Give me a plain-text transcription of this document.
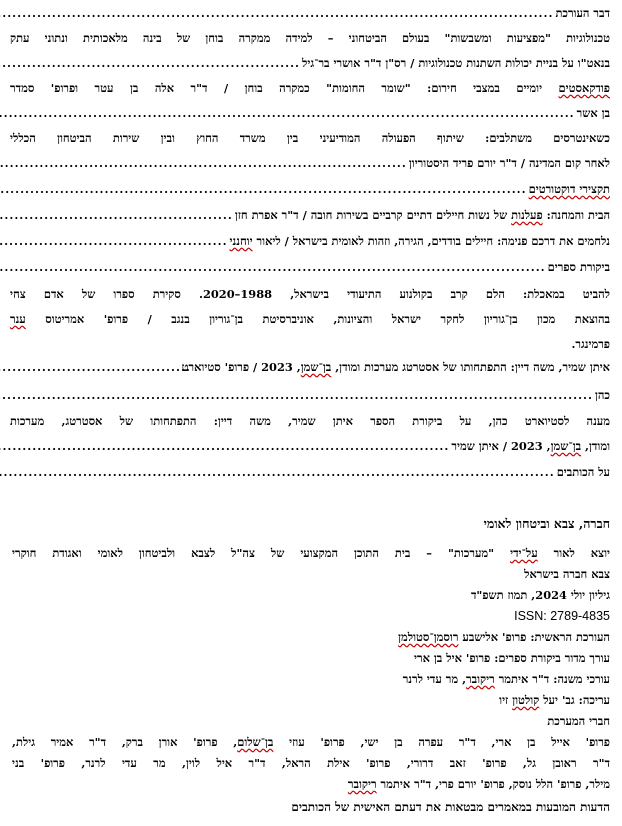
דבר העורכת
.....
טכנולוגיות "מפציעות ומשבשות" בעולם הביטחוני – למידה ממקרה בוחן של בינה מלאכותית ונתוני עתק
בנאט"ו על בניית יכולות השתנות טכנולוגיות / רס"ן ד"ר אושרי בר־גיל
.....
פודקאסטים יומיים במצבי חירום: "שומר החומות" כמקרה בוחן / ד"ר אלה בן עטר ופרופ' סמדר
בן אשר
.....
כשאינטרסים משתלבים: שיתוף הפעולה המודיעיני בין משרד החוץ ובין שירות הביטחון הכללי
לאחר קום המדינה / ד"ר יורם פריד היסטוריון
.....
תקצירי דוקטורטים
.....
הבית והמחנה: פעלנות של נשות חיילים דתיים קרביים בשירות חובה / ד"ר אפרת חזן
.....
נלחמים את דרכם פנימה: חיילים בודדים, הגירה, וזהות לאומית בישראל / ליאור יוחנני
.....
ביקורת ספרים
.....
להביט במאכלת: הלם קרב בקולנוע התיעודי בישראל, 1988–2020. סקירת ספרו של אדם צחי
בהוצאת מכון בן־גוריון לחקר ישראל והציונות, אוניברסיטת בן־גוריון בנגב / פרופ' אמריטוס ענר
פרמינגר.
.....
איתן שמיר, משה דיין: התפתחותו של אסטרטג מערכות ומודן, בן־שמן, 2023 / פרופ' סטיוארט
כהן
.....
מענה לסטיוארט כהן, על ביקורת הספר איתן שמיר, משה דיין: התפתחותו של אסטרטג, מערכות
ומודן, בן־שמן, 2023 / איתן שמיר
.....
על הכותבים
.....
חברה, צבא וביטחון לאומי
יוצא לאור על־ידי "מערכות" – בית התוכן המקצועי של צה"ל לצבא ולביטחון לאומי ואגודת חוקרי
צבא חברה בישראל
גיליון יולי 2024, תמוז תשפ"ד
ISSN: 2789-4835
העורכת הראשית: פרופ' אלישבע רוסמן־סטולמן
עורך מדור ביקורת ספרים: פרופ' איל בן ארי
עורכי משנה: ד"ר איתמר ריקובר, מר עדי לרנר
עריכה: גב' יעל קולטון זיו
חברי המערכת
פרופ' אייל בן ארי, ד"ר עפרה בן ישי, פרופ' עוזי בן־שלום, פרופ' אורן ברק, ד"ר אמיר גילת,
ד"ר ראובן גל, פרופ' זאב דרורי, פרופ' אילת הראל, ד"ר איל לוין, מר עדי לרנר, פרופ' בני
מילר, פרופ' הלל נוסק, פרופ' יורם פרי, ד"ר איתמר ריקובר
הדעות המובעות במאמרים מבטאות את דעתם האישית של הכותבים
